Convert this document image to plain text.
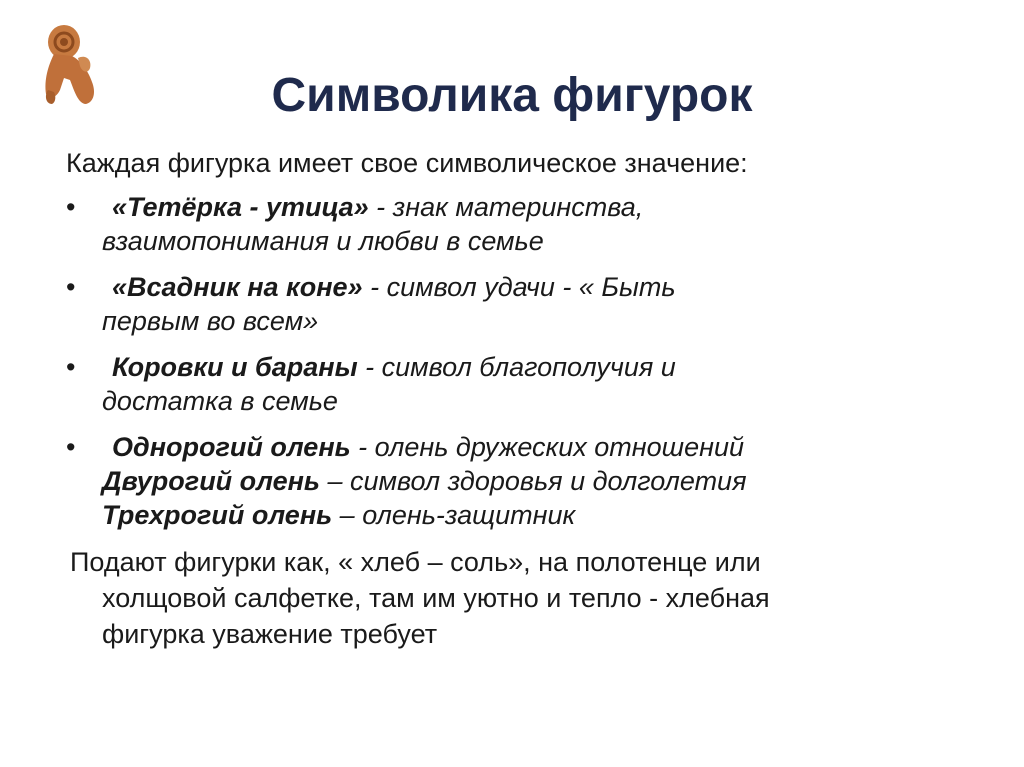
Символика фигурок

Каждая фигурка имеет свое символическое значение:

•	«Тетёрка - утица» - знак материнства,
взаимопонимания и любви в семье
•	«Всадник на коне» - символ удачи - « Быть
первым во всем»
•	Коровки и бараны - символ благополучия и
достатка в семье
•	Однорогий олень - олень дружеских отношений
Двурогий олень – символ здоровья и долголетия
Трехрогий олень – олень-защитник

Подают фигурки как, « хлеб – соль», на полотенце или
холщовой салфетке, там им уютно и тепло - хлебная
фигурка уважение требует
